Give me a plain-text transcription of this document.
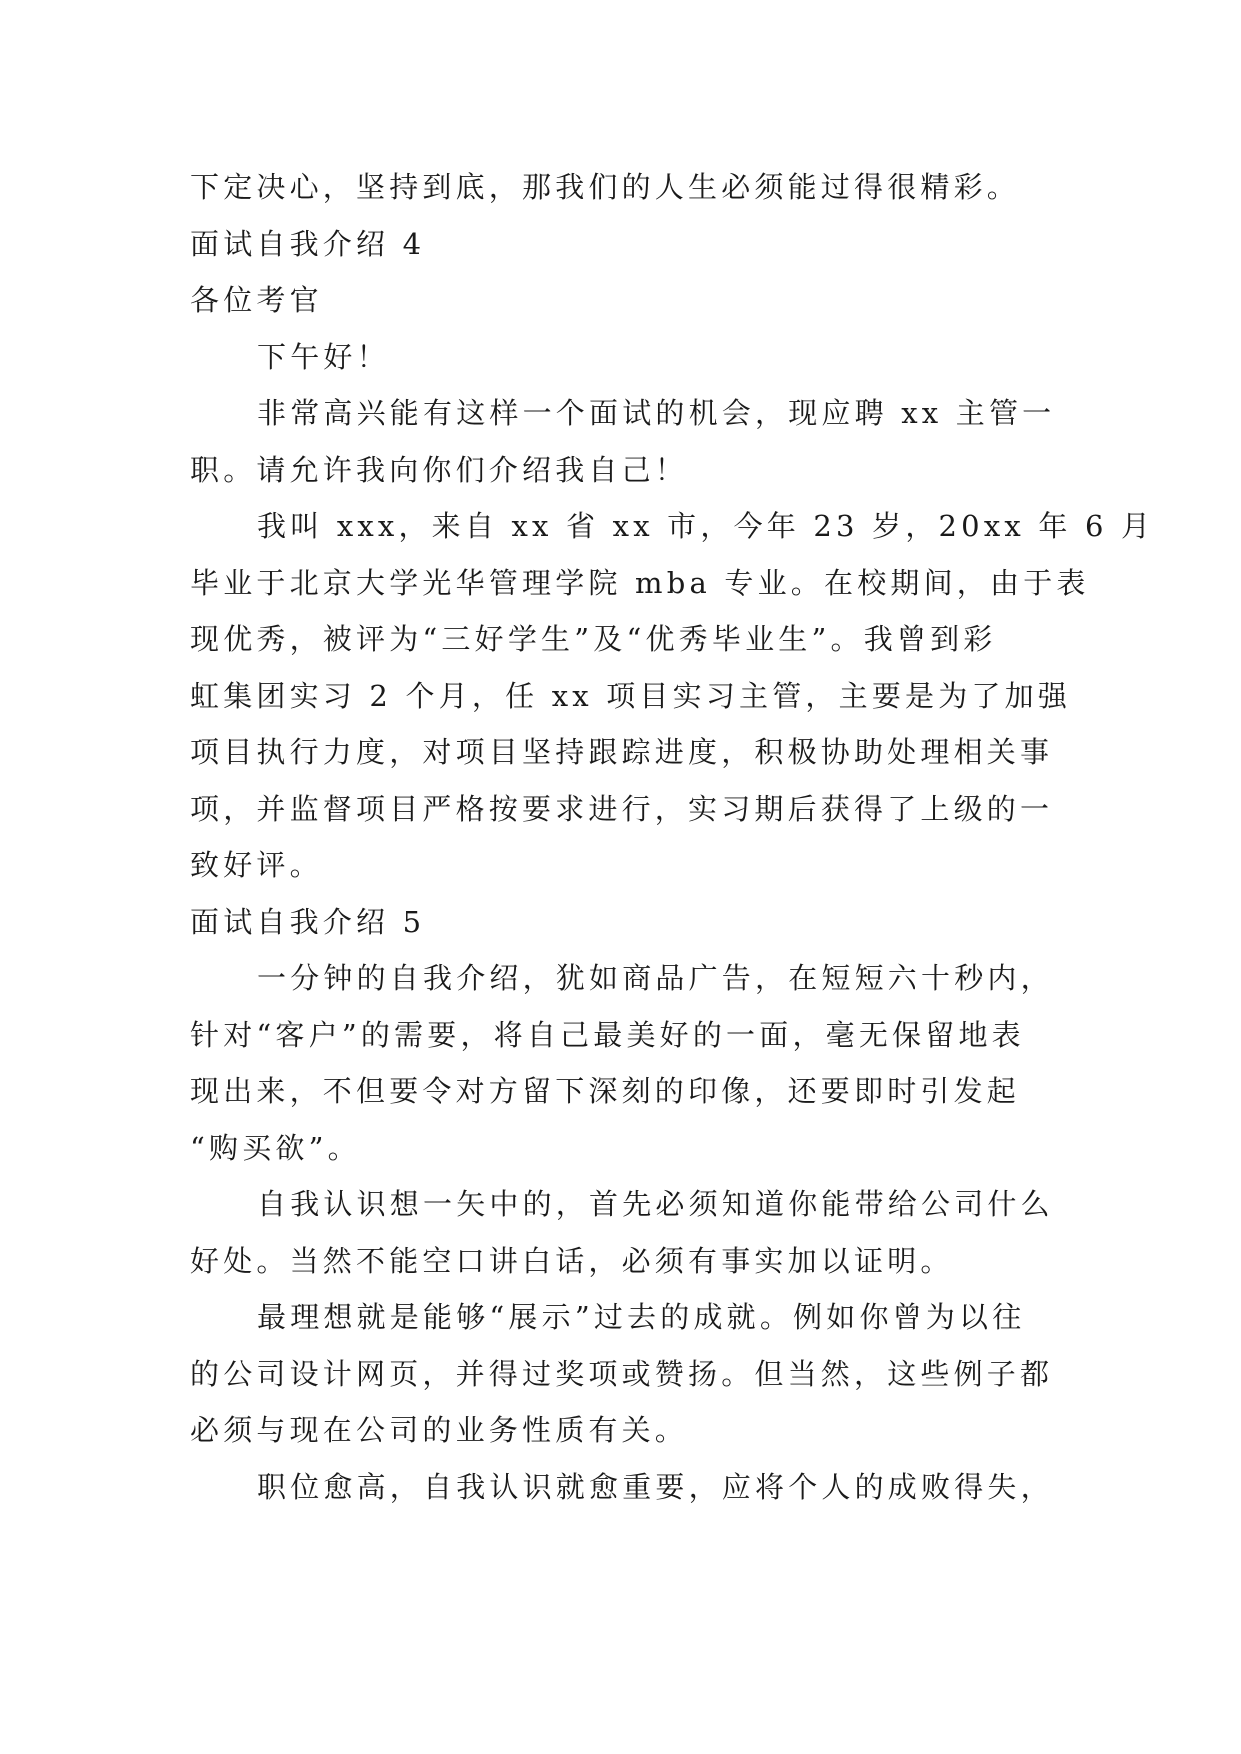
下定决心，坚持到底，那我们的人生必须能过得很精彩。
面试自我介绍 4
各位考官
下午好！
非常高兴能有这样一个面试的机会，现应聘 xx 主管一
职。请允许我向你们介绍我自己！
我叫 xxx，来自 xx 省 xx 市，今年 23 岁，20xx 年 6 月
毕业于北京大学光华管理学院 mba 专业。在校期间，由于表
现优秀，被评为“三好学生”及“优秀毕业生”。我曾到彩
虹集团实习 2 个月，任 xx 项目实习主管，主要是为了加强
项目执行力度，对项目坚持跟踪进度，积极协助处理相关事
项，并监督项目严格按要求进行，实习期后获得了上级的一
致好评。
面试自我介绍 5
一分钟的自我介绍，犹如商品广告，在短短六十秒内，
针对“客户”的需要，将自己最美好的一面，毫无保留地表
现出来，不但要令对方留下深刻的印像，还要即时引发起
“购买欲”。
自我认识想一矢中的，首先必须知道你能带给公司什么
好处。当然不能空口讲白话，必须有事实加以证明。
最理想就是能够“展示”过去的成就。例如你曾为以往
的公司设计网页，并得过奖项或赞扬。但当然，这些例子都
必须与现在公司的业务性质有关。
职位愈高，自我认识就愈重要，应将个人的成败得失，
